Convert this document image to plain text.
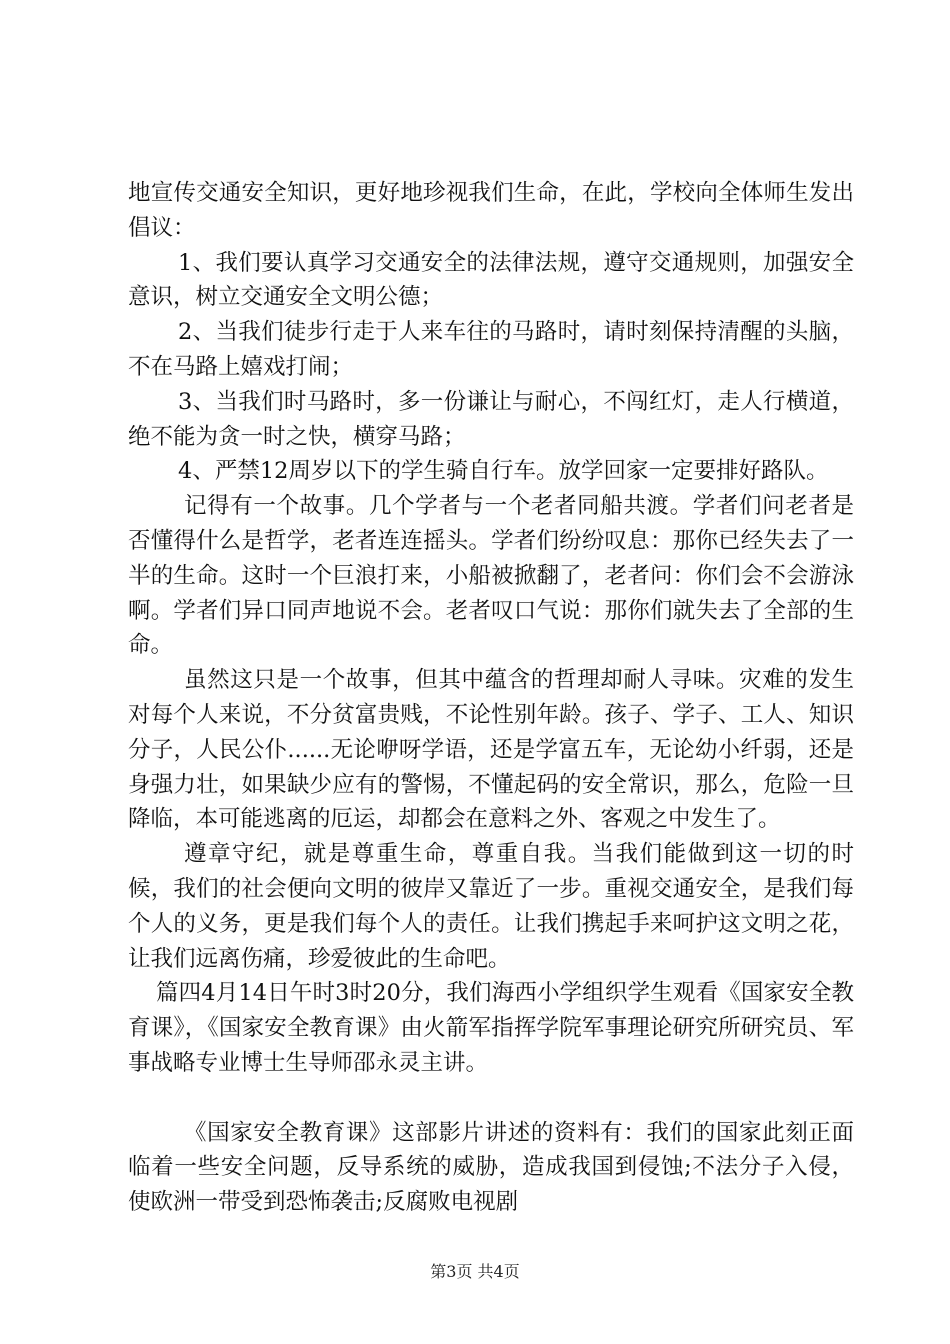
地宣传交通安全知识，更好地珍视我们生命，在此，学校向全体师生发出倡议：

1、我们要认真学习交通安全的法律法规，遵守交通规则，加强安全意识，树立交通安全文明公德；

2、当我们徒步行走于人来车往的马路时，请时刻保持清醒的头脑，不在马路上嬉戏打闹；

3、当我们时马路时，多一份谦让与耐心，不闯红灯，走人行横道，绝不能为贪一时之快，横穿马路；

4、严禁12周岁以下的学生骑自行车。放学回家一定要排好路队。

记得有一个故事。几个学者与一个老者同船共渡。学者们问老者是否懂得什么是哲学，老者连连摇头。学者们纷纷叹息：那你已经失去了一半的生命。这时一个巨浪打来，小船被掀翻了，老者问：你们会不会游泳啊。学者们异口同声地说不会。老者叹口气说：那你们就失去了全部的生命。

虽然这只是一个故事，但其中蕴含的哲理却耐人寻味。灾难的发生对每个人来说，不分贫富贵贱，不论性别年龄。孩子、学子、工人、知识分子，人民公仆......无论咿呀学语，还是学富五车，无论幼小纤弱，还是身强力壮，如果缺少应有的警惕，不懂起码的安全常识，那么，危险一旦降临，本可能逃离的厄运，却都会在意料之外、客观之中发生了。

遵章守纪，就是尊重生命，尊重自我。当我们能做到这一切的时候，我们的社会便向文明的彼岸又靠近了一步。重视交通安全，是我们每个人的义务，更是我们每个人的责任。让我们携起手来呵护这文明之花，让我们远离伤痛，珍爱彼此的生命吧。

篇四4月14日午时3时20分，我们海西小学组织学生观看《国家安全教育课》，《国家安全教育课》由火箭军指挥学院军事理论研究所研究员、军事战略专业博士生导师邵永灵主讲。

《国家安全教育课》这部影片讲述的资料有：我们的国家此刻正面临着一些安全问题，反导系统的威胁，造成我国到侵蚀;不法分子入侵，使欧洲一带受到恐怖袭击;反腐败电视剧

第3页 共4页
